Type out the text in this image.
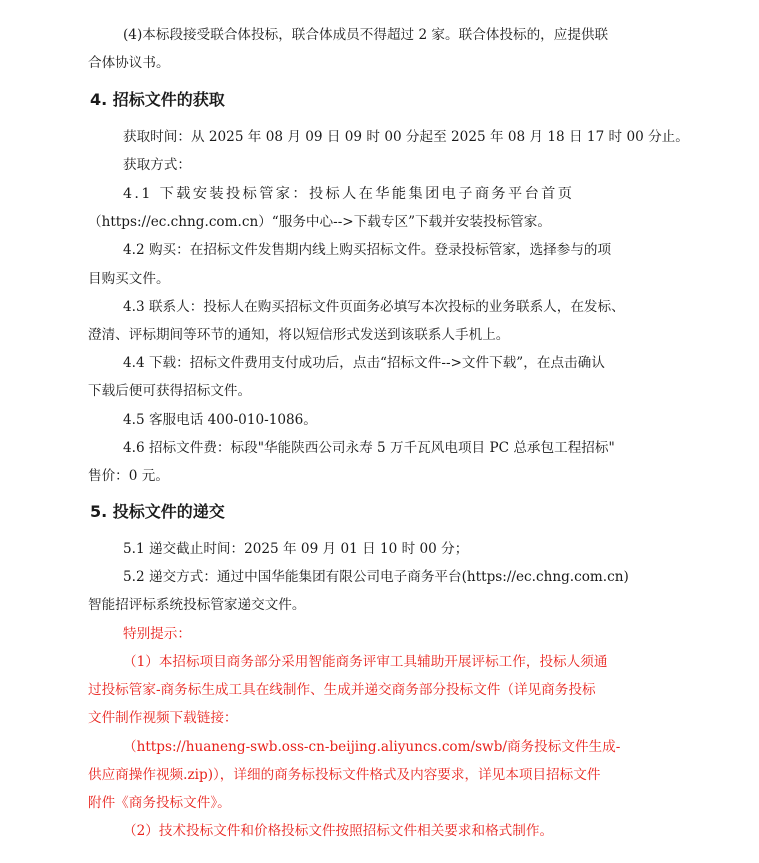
(4)本标段接受联合体投标，联合体成员不得超过 2 家。联合体投标的，应提供联
合体协议书。
4. 招标文件的获取
获取时间：从 2025 年 08 月 09 日 09 时 00 分起至 2025 年 08 月 18 日 17 时 00 分止。
获取方式：
4.1 下载安装投标管家：投标人在华能集团电子商务平台首页
（https://ec.chng.com.cn）“服务中心-->下载专区”下载并安装投标管家。
4.2 购买：在招标文件发售期内线上购买招标文件。登录投标管家，选择参与的项
目购买文件。
4.3 联系人：投标人在购买招标文件页面务必填写本次投标的业务联系人，在发标、
澄清、评标期间等环节的通知，将以短信形式发送到该联系人手机上。
4.4 下载：招标文件费用支付成功后，点击“招标文件-->文件下载”，在点击确认
下载后便可获得招标文件。
4.5 客服电话 400-010-1086。
4.6 招标文件费：标段"华能陕西公司永寿 5 万千瓦风电项目 PC 总承包工程招标"
售价：0 元。
5. 投标文件的递交
5.1 递交截止时间：2025 年 09 月 01 日 10 时 00 分；
5.2 递交方式：通过中国华能集团有限公司电子商务平台(https://ec.chng.com.cn)
智能招评标系统投标管家递交文件。
特别提示：
（1）本招标项目商务部分采用智能商务评审工具辅助开展评标工作，投标人须通
过投标管家-商务标生成工具在线制作、生成并递交商务部分投标文件（详见商务投标
文件制作视频下载链接：
（https://huaneng-swb.oss-cn-beijing.aliyuncs.com/swb/商务投标文件生成-
供应商操作视频.zip)），详细的商务标投标文件格式及内容要求，详见本项目招标文件
附件《商务投标文件》。
（2）技术投标文件和价格投标文件按照招标文件相关要求和格式制作。
